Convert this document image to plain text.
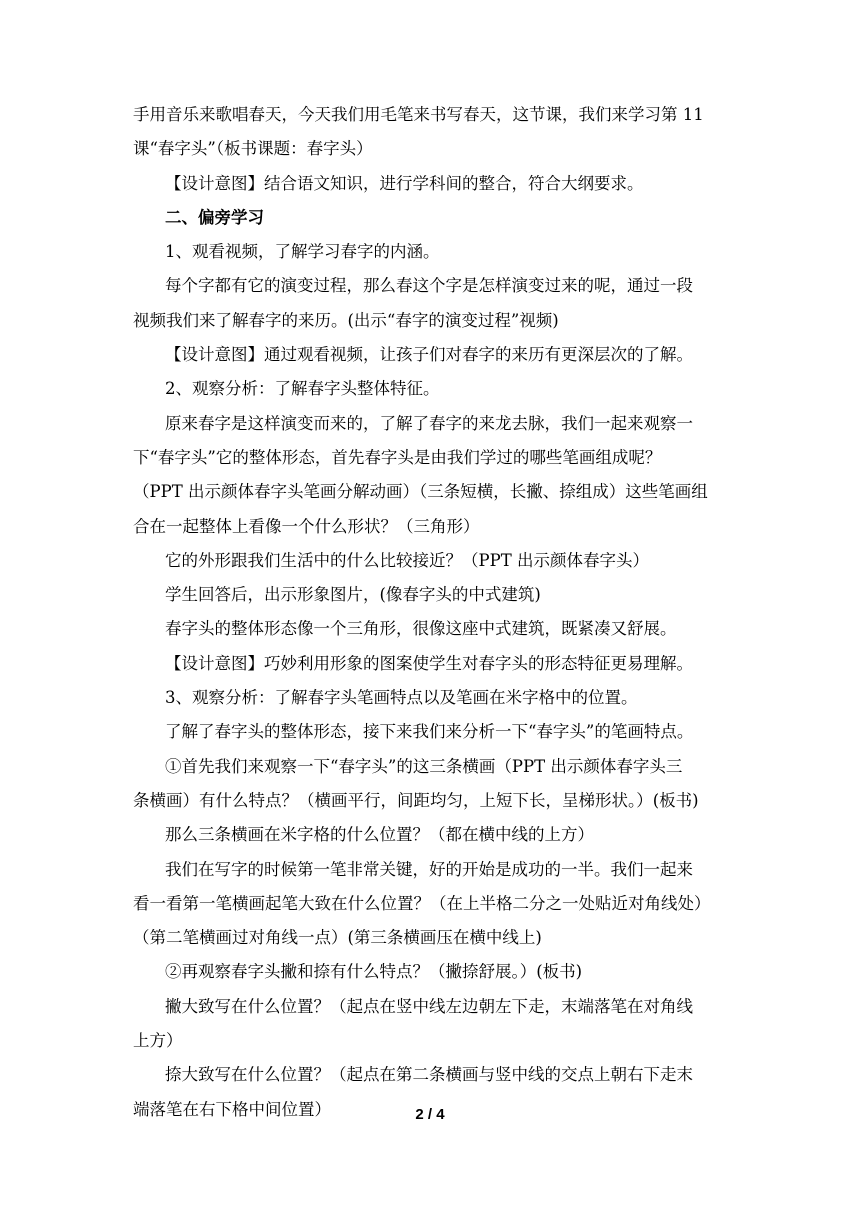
手用音乐来歌唱春天，今天我们用毛笔来书写春天，这节课，我们来学习第 11
课“春字头”（板书课题：春字头）
【设计意图】结合语文知识，进行学科间的整合，符合大纲要求。
二、偏旁学习
1、观看视频，了解学习春字的内涵。
每个字都有它的演变过程，那么春这个字是怎样演变过来的呢，通过一段
视频我们来了解春字的来历。(出示“春字的演变过程”视频)
【设计意图】通过观看视频，让孩子们对春字的来历有更深层次的了解。
2、观察分析：了解春字头整体特征。
原来春字是这样演变而来的，了解了春字的来龙去脉，我们一起来观察一
下“春字头”它的整体形态，首先春字头是由我们学过的哪些笔画组成呢？
（PPT 出示颜体春字头笔画分解动画）（三条短横，长撇、捺组成）这些笔画组
合在一起整体上看像一个什么形状？（三角形）
它的外形跟我们生活中的什么比较接近？（PPT 出示颜体春字头）
学生回答后，出示形象图片，(像春字头的中式建筑)
春字头的整体形态像一个三角形，很像这座中式建筑，既紧凑又舒展。
【设计意图】巧妙利用形象的图案使学生对春字头的形态特征更易理解。
3、观察分析：了解春字头笔画特点以及笔画在米字格中的位置。
了解了春字头的整体形态，接下来我们来分析一下“春字头”的笔画特点。
①首先我们来观察一下“春字头”的这三条横画（PPT 出示颜体春字头三
条横画）有什么特点？（横画平行，间距均匀，上短下长，呈梯形状。）(板书)
那么三条横画在米字格的什么位置？（都在横中线的上方）
我们在写字的时候第一笔非常关键，好的开始是成功的一半。我们一起来
看一看第一笔横画起笔大致在什么位置？（在上半格二分之一处贴近对角线处）
（第二笔横画过对角线一点）(第三条横画压在横中线上)
②再观察春字头撇和捺有什么特点？（撇捺舒展。）(板书)
撇大致写在什么位置？（起点在竖中线左边朝左下走，末端落笔在对角线
上方）
捺大致写在什么位置？（起点在第二条横画与竖中线的交点上朝右下走末
端落笔在右下格中间位置）	2 / 4
